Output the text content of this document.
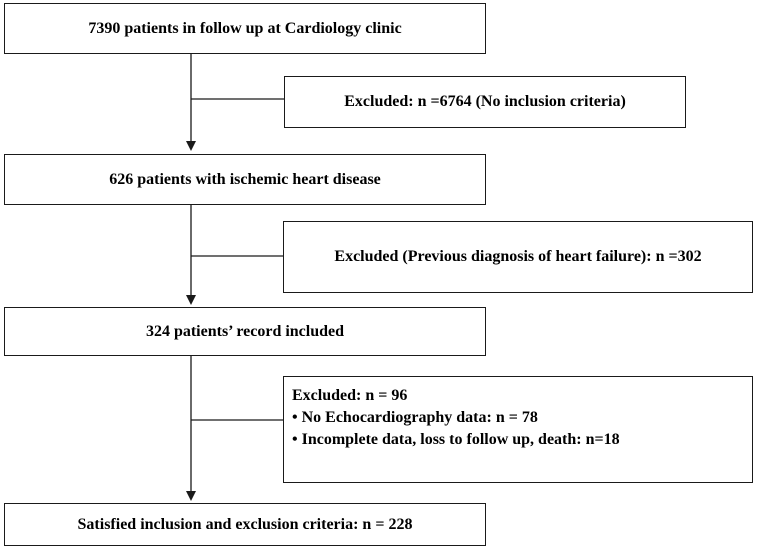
7390 patients in follow up at Cardiology clinic
Excluded: n =6764 (No inclusion criteria)
626 patients with ischemic heart disease
Excluded (Previous diagnosis of heart failure): n =302
324 patients’ record included
Excluded: n = 96
• No Echocardiography data: n = 78
• Incomplete data, loss to follow up, death: n=18
Satisfied inclusion and exclusion criteria: n = 228
